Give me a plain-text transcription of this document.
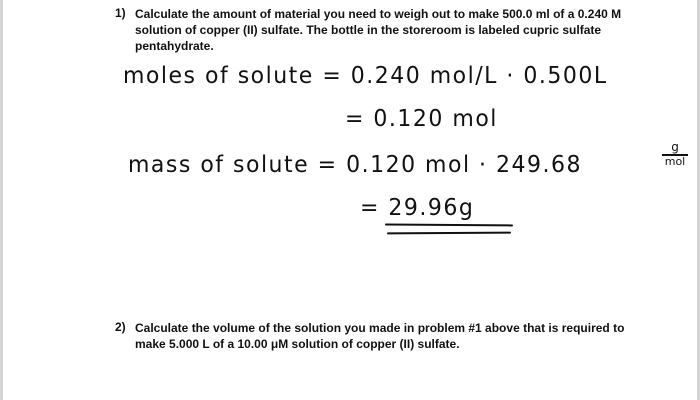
1) Calculate the amount of material you need to weigh out to make 500.0 ml of a 0.240 M solution of copper (II) sulfate. The bottle in the storeroom is labeled cupric sulfate pentahydrate.
moles of solute = 0.240 mol/L · 0.500L
= 0.120 mol
mass of solute = 0.120 mol · 249.68
g
mol
= 29.96g
2) Calculate the volume of the solution you made in problem #1 above that is required to make 5.000 L of a 10.00 μM solution of copper (II) sulfate.
